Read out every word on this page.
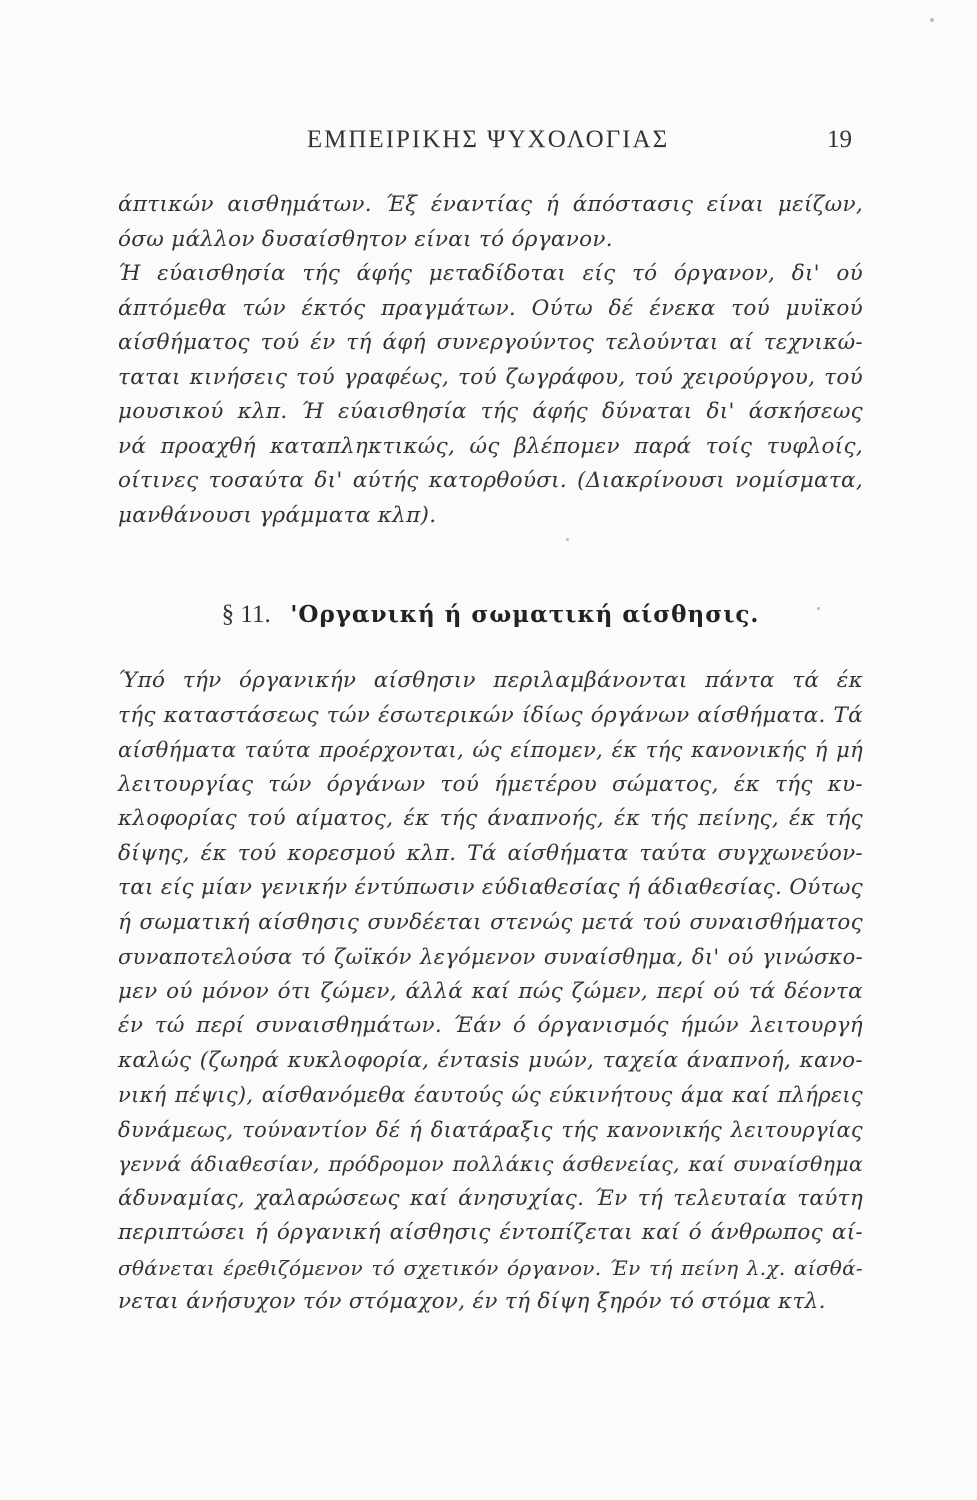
ΕΜΠΕΙΡΙΚΗΣ ΨΥΧΟΛΟΓΙΑΣ	19
άπτικών αισθημάτων. Έξ έναντίας ή άπόστασις είναι μείζων,
όσω μάλλον δυσαίσθητον είναι τό όργανον.
Ή εύαισθησία τής άφής μεταδίδοται είς τό όργανον, δι' ού
άπτόμεθα τών έκτός πραγμάτων. Ούτω δέ ένεκα τού μυϊκού
αίσθήματος τού έν τή άφή συνεργούντος τελούνται αί τεχνικώ-
ταται κινήσεις τού γραφέως, τού ζωγράφου, τού χειρούργου, τού
μουσικού κλπ. Ή εύαισθησία τής άφής δύναται δι' άσκήσεως
νά προαχθή καταπληκτικώς, ώς βλέπομεν παρά τοίς τυφλοίς,
οίτινες τοσαύτα δι' αύτής κατορθούσι. (Διακρίνουσι νομίσματα,
μανθάνουσι γράμματα κλπ).
§ 11. 'Οργανική ή σωματική αίσθησις.
Ύπό τήν όργανικήν αίσθησιν περιλαμβάνονται πάντα τά έκ
τής καταστάσεως τών έσωτερικών ίδίως όργάνων αίσθήματα. Τά
αίσθήματα ταύτα προέρχονται, ώς είπομεν, έκ τής κανονικής ή μή
λειτουργίας τών όργάνων τού ήμετέρου σώματος, έκ τής κυ-
κλοφορίας τού αίματος, έκ τής άναπνοής, έκ τής πείνης, έκ τής
δίψης, έκ τού κορεσμού κλπ. Τά αίσθήματα ταύτα συγχωνεύον-
ται είς μίαν γενικήν έντύπωσιν εύδιαθεσίας ή άδιαθεσίας. Ούτως
ή σωματική αίσθησις συνδέεται στενώς μετά τού συναισθήματος
συναποτελούσα τό ζωϊκόν λεγόμενον συναίσθημα, δι' ού γινώσκο-
μεν ού μόνον ότι ζώμεν, άλλά καί πώς ζώμεν, περί ού τά δέοντα
έν τώ περί συναισθημάτων. Έάν ό όργανισμός ήμών λειτουργή
καλώς (ζωηρά κυκλοφορία, ένταsis μυών, ταχεία άναπνοή, κανο-
νική πέψις), αίσθανόμεθα έαυτούς ώς εύκινήτους άμα καί πλήρεις
δυνάμεως, τούναντίον δέ ή διατάραξις τής κανονικής λειτουργίας
γεννά άδιαθεσίαν, πρόδρομον πολλάκις άσθενείας, καί συναίσθημα
άδυναμίας, χαλαρώσεως καί άνησυχίας. Έν τή τελευταία ταύτη
περιπτώσει ή όργανική αίσθησις έντοπίζεται καί ό άνθρωπος αί-
σθάνεται έρεθιζόμενον τό σχετικόν όργανον. Έν τή πείνη λ.χ. αίσθά-
νεται άνήσυχον τόν στόμαχον, έν τή δίψη ξηρόν τό στόμα κτλ.
